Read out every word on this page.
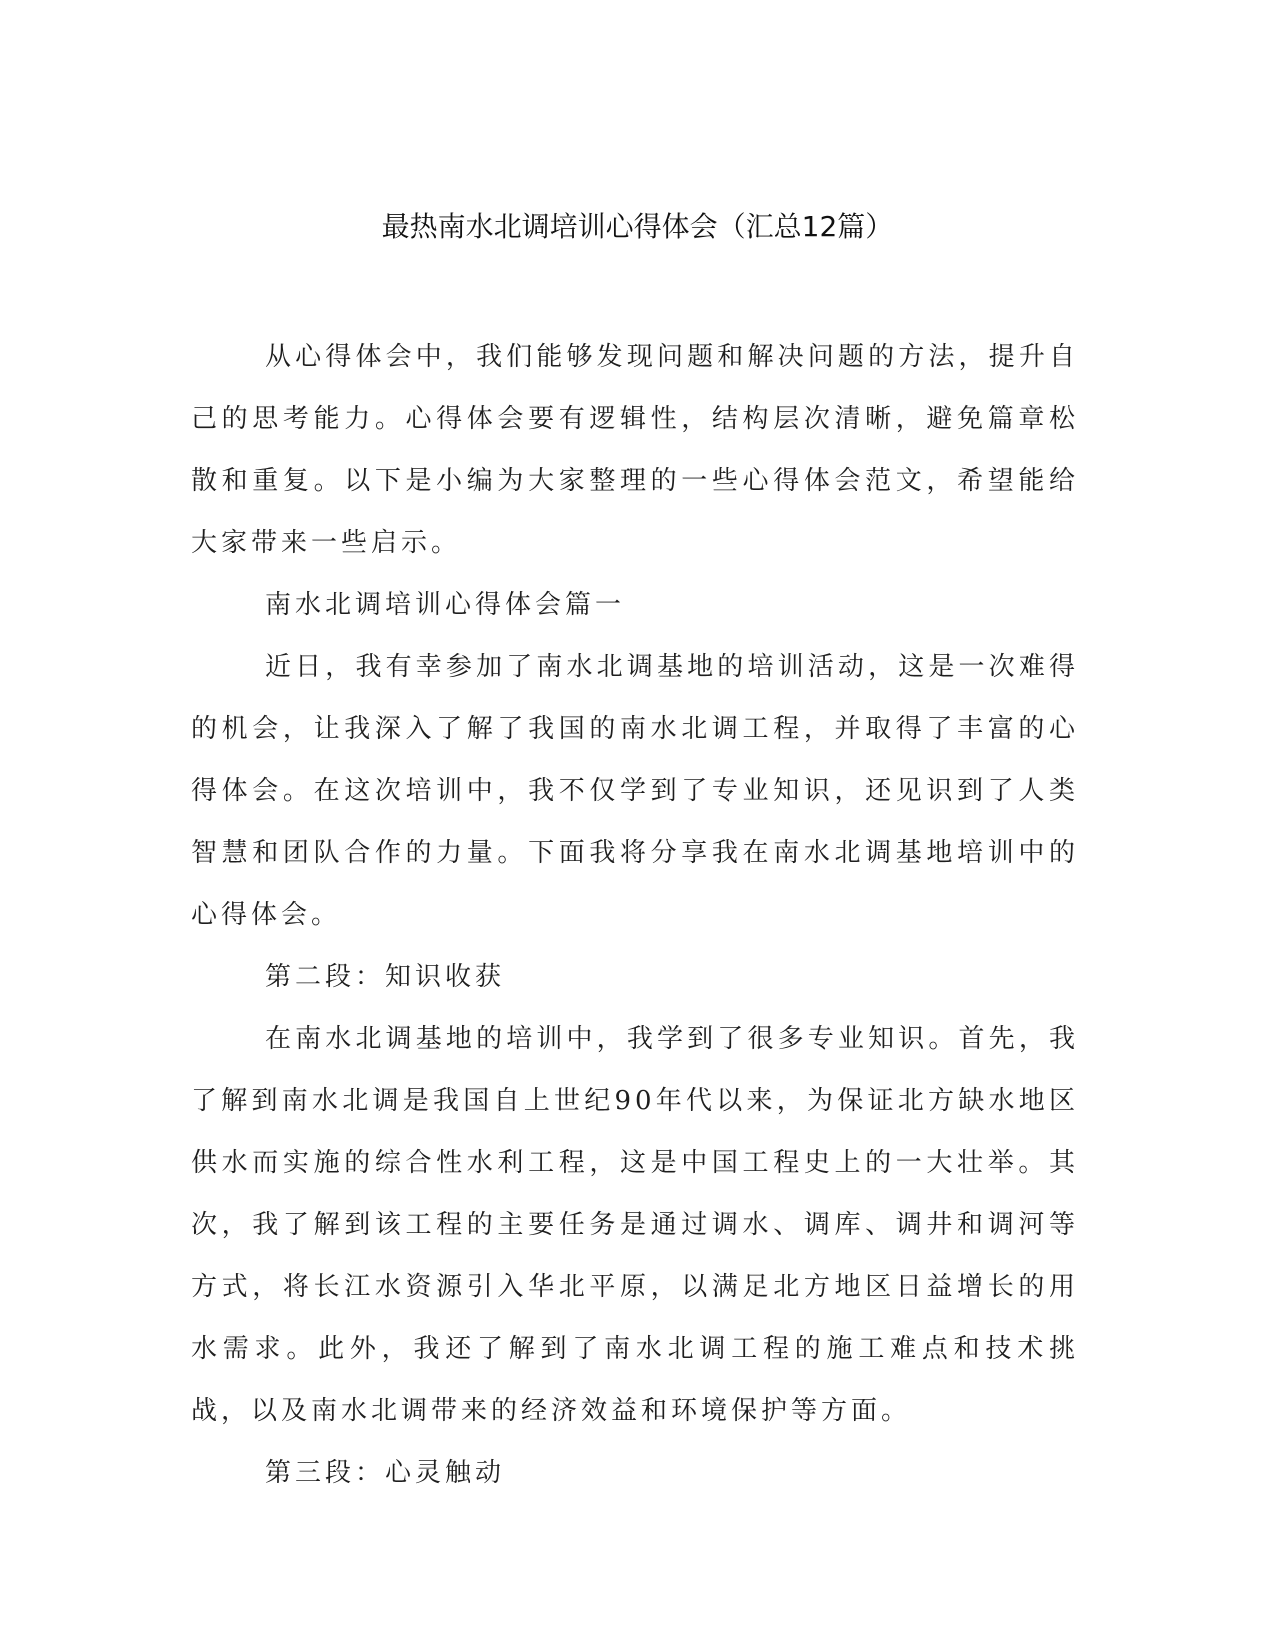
最热南水北调培训心得体会（汇总12篇）

从心得体会中，我们能够发现问题和解决问题的方法，提升自己的思考能力。心得体会要有逻辑性，结构层次清晰，避免篇章松散和重复。以下是小编为大家整理的一些心得体会范文，希望能给大家带来一些启示。

南水北调培训心得体会篇一

近日，我有幸参加了南水北调基地的培训活动，这是一次难得的机会，让我深入了解了我国的南水北调工程，并取得了丰富的心得体会。在这次培训中，我不仅学到了专业知识，还见识到了人类智慧和团队合作的力量。下面我将分享我在南水北调基地培训中的心得体会。

第二段：知识收获

在南水北调基地的培训中，我学到了很多专业知识。首先，我了解到南水北调是我国自上世纪90年代以来，为保证北方缺水地区供水而实施的综合性水利工程，这是中国工程史上的一大壮举。其次，我了解到该工程的主要任务是通过调水、调库、调井和调河等方式，将长江水资源引入华北平原，以满足北方地区日益增长的用水需求。此外，我还了解到了南水北调工程的施工难点和技术挑战，以及南水北调带来的经济效益和环境保护等方面。

第三段：心灵触动
